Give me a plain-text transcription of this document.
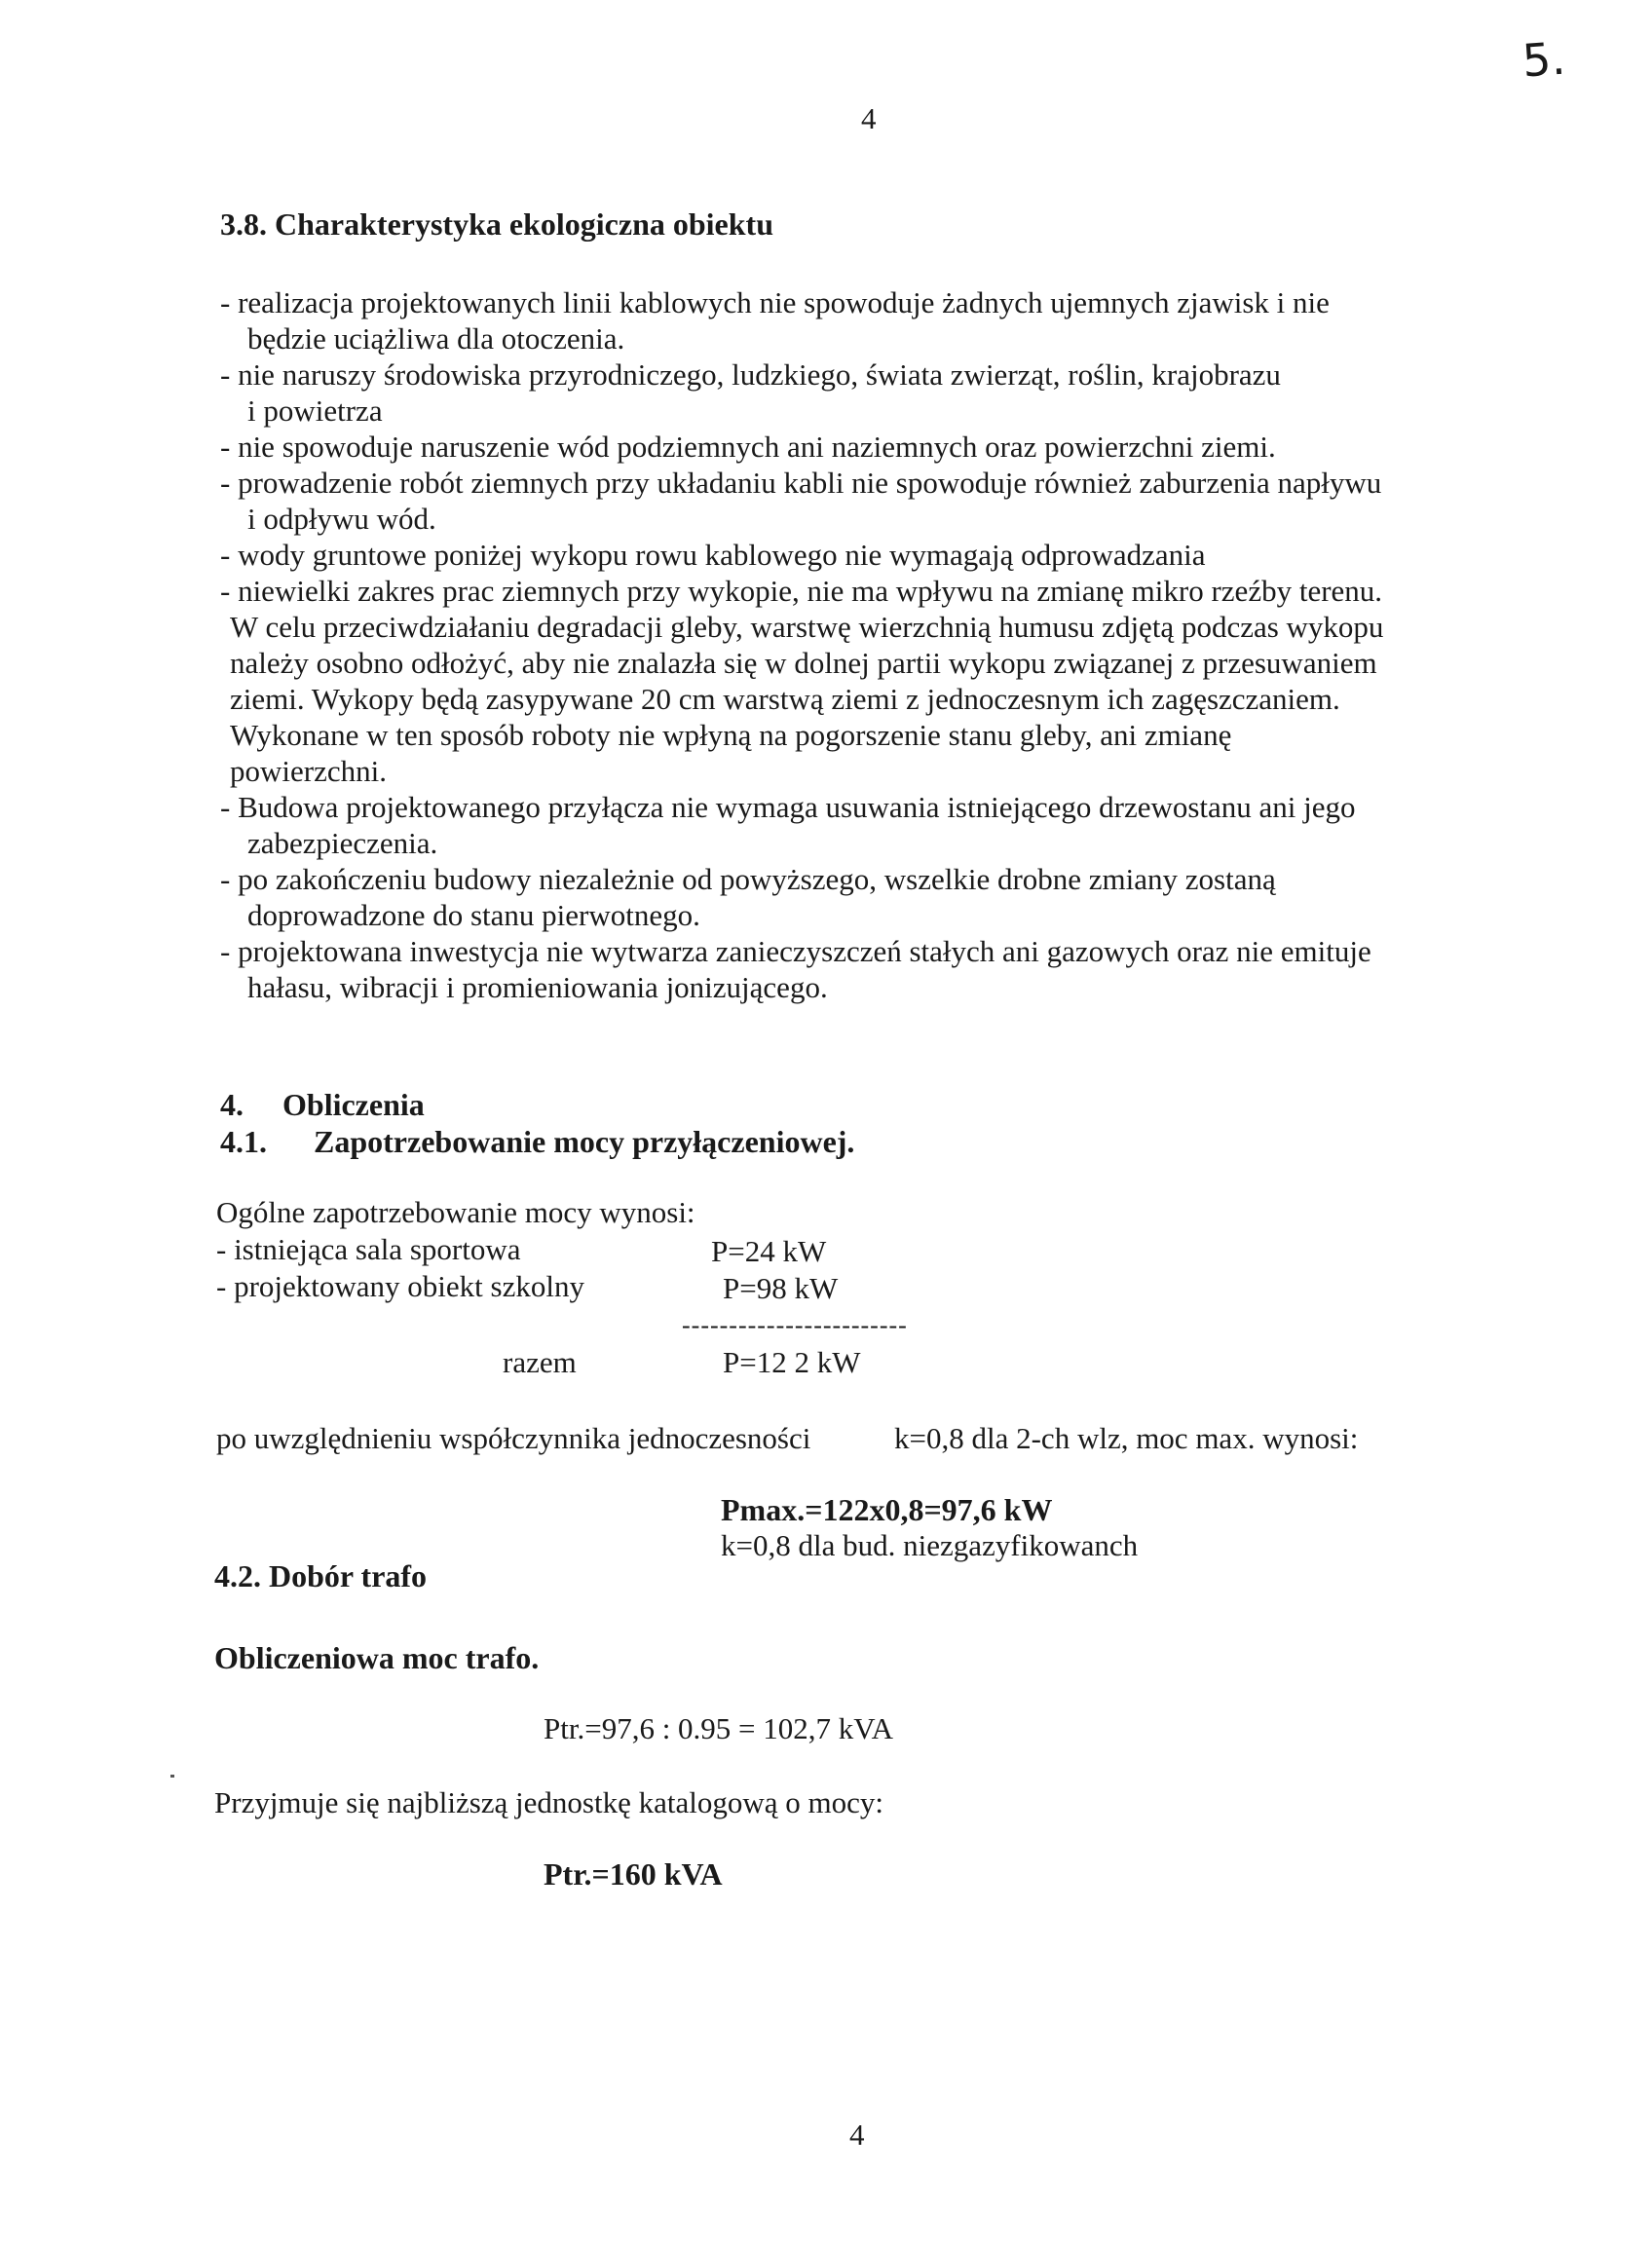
5.
4
3.8. Charakterystyka ekologiczna obiektu
- realizacja projektowanych linii kablowych nie spowoduje żadnych ujemnych zjawisk i nie
będzie uciążliwa dla otoczenia.
- nie naruszy środowiska przyrodniczego, ludzkiego, świata zwierząt, roślin, krajobrazu
i powietrza
- nie spowoduje naruszenie wód podziemnych ani naziemnych oraz powierzchni ziemi.
- prowadzenie robót ziemnych przy układaniu kabli nie spowoduje również zaburzenia napływu
i odpływu wód.
- wody gruntowe poniżej wykopu rowu kablowego nie wymagają odprowadzania
- niewielki zakres prac ziemnych przy wykopie, nie ma wpływu na zmianę mikro rzeźby terenu.
W celu przeciwdziałaniu degradacji gleby, warstwę wierzchnią humusu zdjętą podczas wykopu
należy osobno odłożyć, aby nie znalazła się w dolnej partii wykopu związanej z przesuwaniem
ziemi. Wykopy będą zasypywane 20 cm warstwą ziemi z jednoczesnym ich zagęszczaniem.
Wykonane w ten sposób roboty nie wpłyną na pogorszenie stanu gleby, ani zmianę
powierzchni.
- Budowa projektowanego przyłącza nie wymaga usuwania istniejącego drzewostanu ani jego
zabezpieczenia.
- po zakończeniu budowy niezależnie od powyższego, wszelkie drobne zmiany zostaną
doprowadzone do stanu pierwotnego.
- projektowana inwestycja nie wytwarza zanieczyszczeń stałych ani gazowych oraz nie emituje
hałasu, wibracji i promieniowania jonizującego.
4. Obliczenia
4.1. Zapotrzebowanie mocy przyłączeniowej.
Ogólne zapotrzebowanie mocy wynosi:
- istniejąca sala sportowa	P=24 kW
- projektowany obiekt szkolny	P=98 kW
------------------------
razem	P=12 2 kW
po uwzględnieniu współczynnika jednoczesności	k=0,8 dla 2-ch wlz, moc max. wynosi:
Pmax.=122x0,8=97,6 kW
k=0,8 dla bud. niezgazyfikowanch
4.2. Dobór trafo
Obliczeniowa moc trafo.
Ptr.=97,6 : 0.95 = 102,7 kVA
Przyjmuje się najbliższą jednostkę katalogową o mocy:
Ptr.=160 kVA
4
